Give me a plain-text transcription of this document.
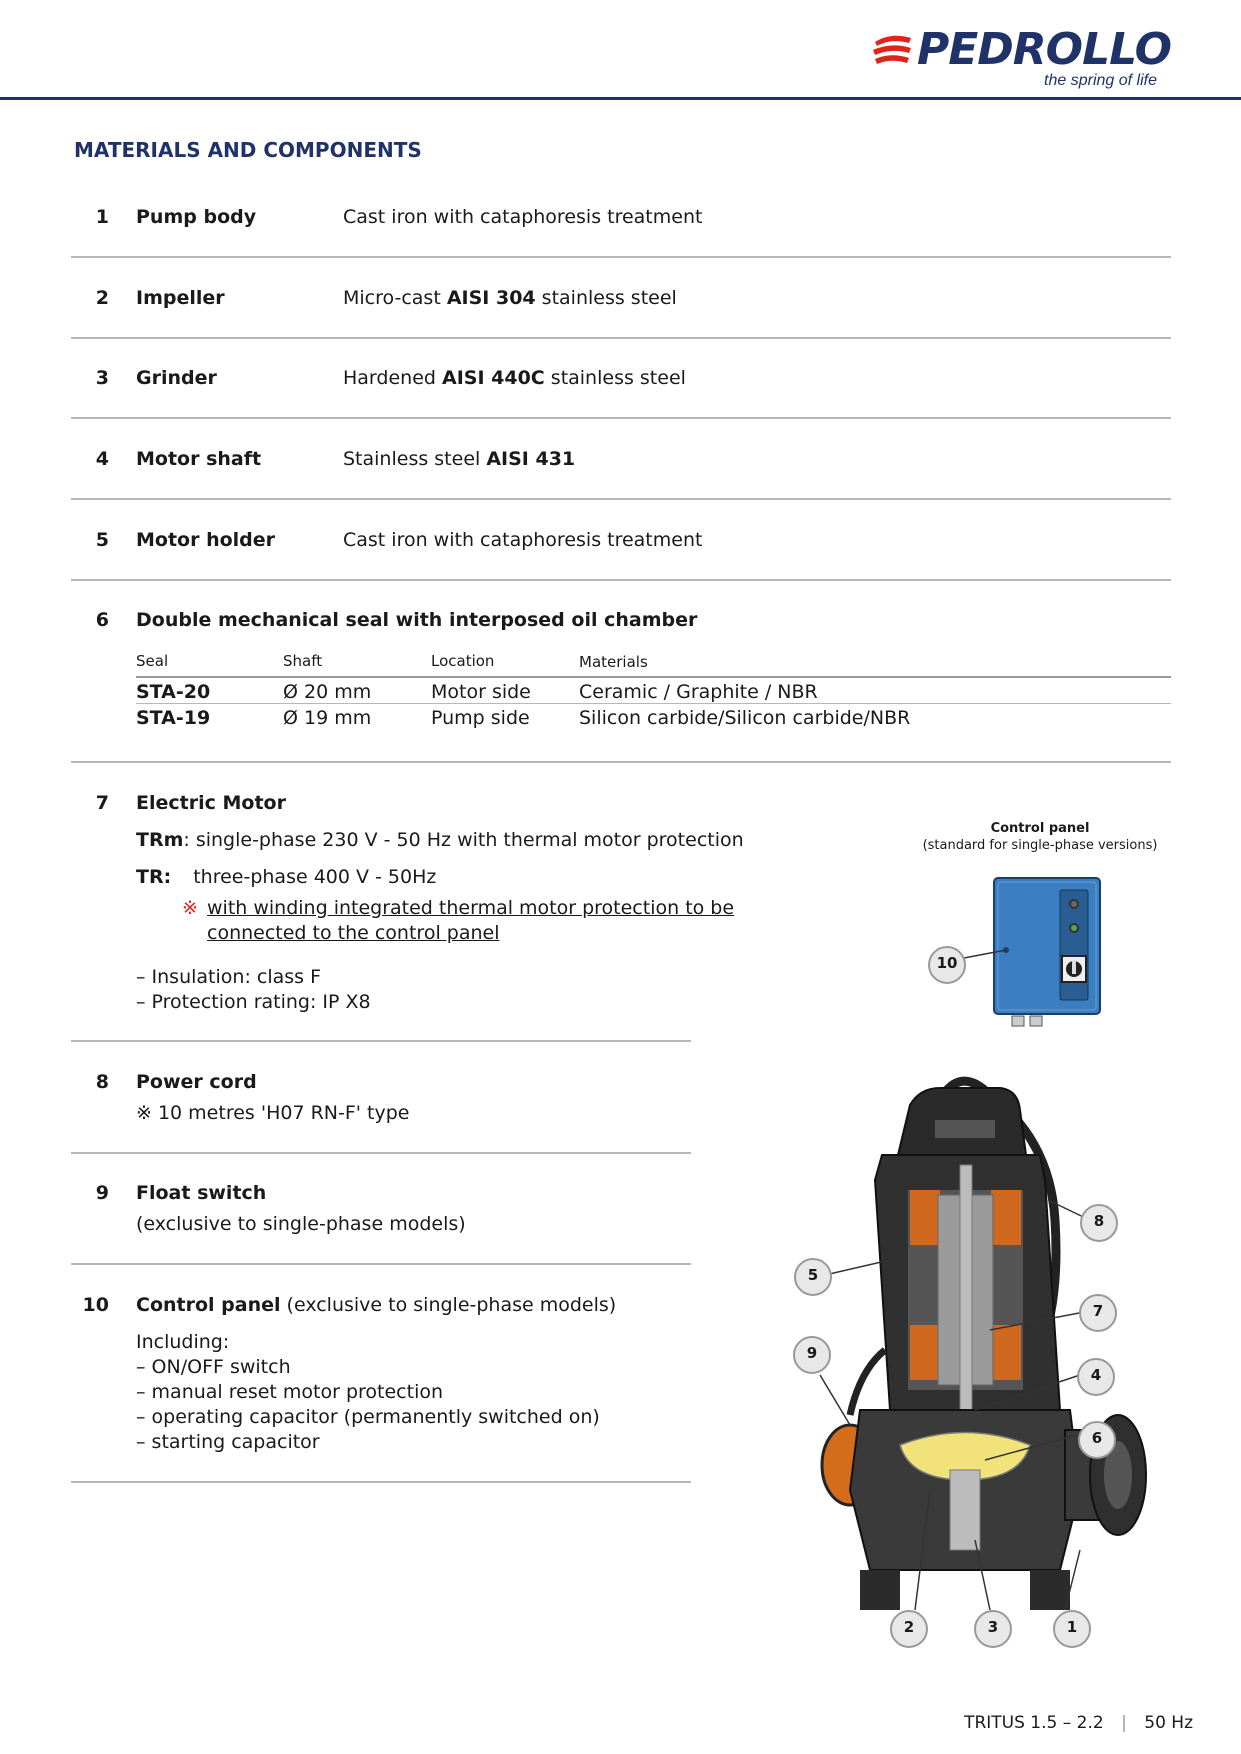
PEDROLLO
the spring of life
MATERIALS AND COMPONENTS
1 Pump body	Cast iron with cataphoresis treatment
2 Impeller	Micro-cast AISI 304 stainless steel
3 Grinder	Hardened AISI 440C stainless steel
4 Motor shaft	Stainless steel AISI 431
5 Motor holder	Cast iron with cataphoresis treatment
6 Double mechanical seal with interposed oil chamber
Seal	Shaft	Location	Materials
STA-20	Ø 20 mm	Motor side	Ceramic / Graphite / NBR
STA-19	Ø 19 mm	Pump side	Silicon carbide/Silicon carbide/NBR
7 Electric Motor
TRm: single-phase 230 V - 50 Hz with thermal motor protection
TR: three-phase 400 V - 50Hz
※ with winding integrated thermal motor protection to be
connected to the control panel
– Insulation: class F
– Protection rating: IP X8
8 Power cord
※ 10 metres 'H07 RN-F' type
9 Float switch
(exclusive to single-phase models)
10 Control panel (exclusive to single-phase models)
Including:
– ON/OFF switch
– manual reset motor protection
– operating capacitor (permanently switched on)
– starting capacitor
Control panel
(standard for single-phase versions)
10
8
5
7
9
4
6
2	3	1
TRITUS 1.5 – 2.2 | 50 Hz
